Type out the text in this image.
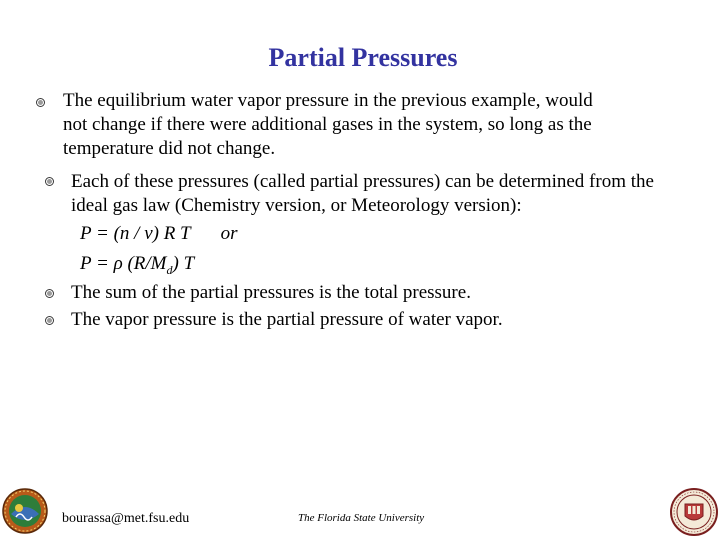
Partial Pressures
The equilibrium water vapor pressure in the previous example, would
not change if there were additional gases in the system, so long as the
temperature did not change.
Each of these pressures (called partial pressures) can be determined from the
ideal gas law (Chemistry version, or Meteorology version):
P = (n / v) R T or
P = ρ $(R/M_d)$ T
The sum of the partial pressures is the total pressure.
The vapor pressure is the partial pressure of water vapor.
bourassa@met.fsu.edu	The Florida State University
